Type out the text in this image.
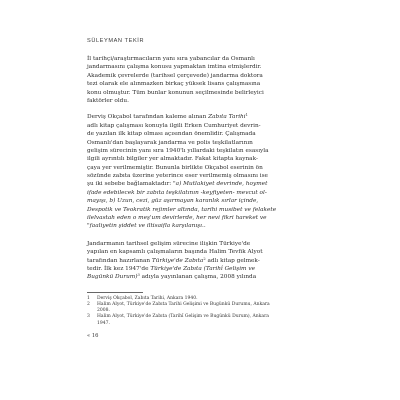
SÜLEYMAN TEKİR
İl tarihçi/araştırmacıların yanı sıra yabancılar da Osmanlı
jandarmasını çalışma konusu yapmaktan imtina etmişlerdir.
Akademik çevrelerde (tarihsel çerçevede) jandarma doktora
tezi olarak ele alınmazken birkaç yüksek lisans çalışmasına
konu olmuştur. Tüm bunlar konunun seçilmesinde belirleyici
faktörler oldu.
Derviş Okçabol tarafından kaleme alınan Zabıta Tarihi$^1$
adlı kitap çalışması konuyla ilgili Erken Cumhuriyet devrin-
de yazılan ilk kitap olması açısından önemlidir. Çalışmada
Osmanlı'dan başlayarak jandarma ve polis teşkilatlarının
gelişim sürecinin yanı sıra 1940'lı yıllardaki teşkilatın esasıyla
ilgili ayrıntılı bilgiler yer almaktadır. Fakat kitapta kaynak-
çaya yer verilmemiştir. Bununla birlikte Okçabol eserinin ön
sözünde zabıta üzerine yeterince eser verilmemiş olmasını ise
şu iki sebebe bağlamaktadır: "a) Mutlakiyet devrinde, hoymet
ifade edebilecek bir zabıta teşkilatının -keyfiyeten- mevcut ol-
mayışı, b) Uzun, cezi, güz aşırmayan karanlık sırlar içinde,
Despotik ve Teokratik rejimler altında, tarihi musibet ve felakete
ilelvastah eden o meş'um devirlerde, her nevi fikri hareket ve
"faaliyetin şiddet ve iltisaifla karşılanışı..
Jandarmanın tarihsel gelişim sürecine ilişkin Türkiye'de
yapılan en kapsamlı çalışmaların başında Halim Tevfik Alyot
tarafından hazırlanan Türkiye'de Zabıta$^2$ adlı kitap gelmek-
tedir. İlk kez 1947'de Türkiye'de Zabıta (Tarihî Gelişim ve
Bugünkü Durum)$^3$ adıyla yayınlanan çalışma, 2008 yılında
1	Derviş Okçabol, Zabıta Tarihi, Ankara 1940.
2	Halim Alyot, Türkiye'de Zabıta Tarihi Gelişimi ve Bugünkü Durumu, Ankara
2008.
3	Halim Alyot, Türkiye'de Zabıta (Tarihî Gelişim ve Bugünkü Durum), Ankara
1947.
« 16
